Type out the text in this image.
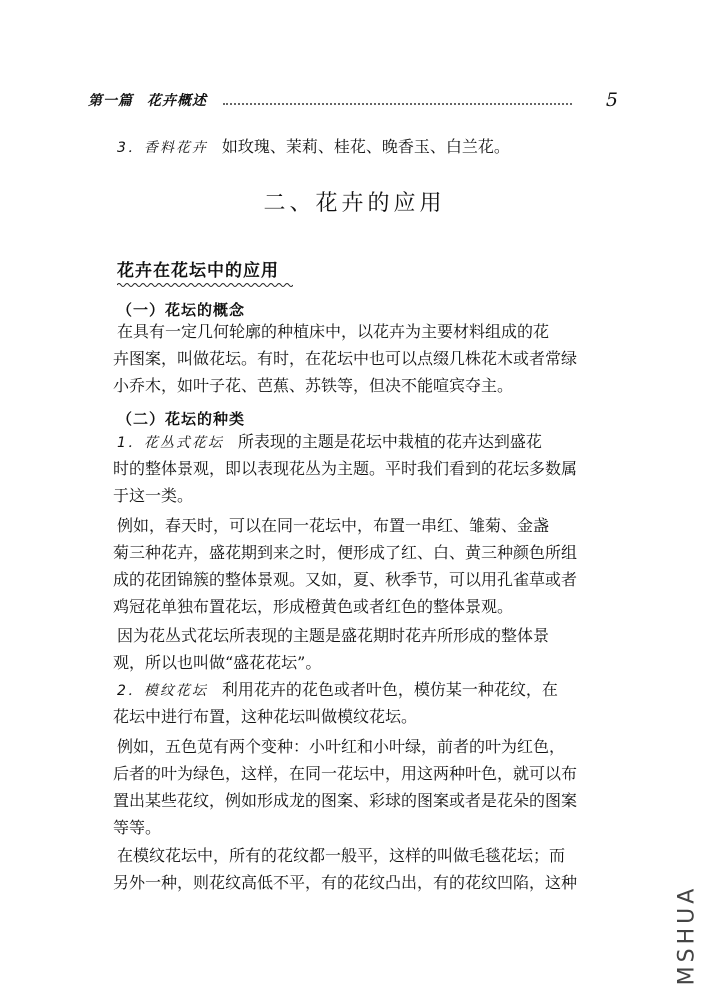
第一篇 花卉概述	5
3．香料花卉 如玫瑰、茉莉、桂花、晚香玉、白兰花。
二、花卉的应用
花卉在花坛中的应用
（一）花坛的概念
在具有一定几何轮廓的种植床中，以花卉为主要材料组成的花
卉图案，叫做花坛。有时，在花坛中也可以点缀几株花木或者常绿
小乔木，如叶子花、芭蕉、苏铁等，但决不能喧宾夺主。
（二）花坛的种类
1．花丛式花坛 所表现的主题是花坛中栽植的花卉达到盛花
时的整体景观，即以表现花丛为主题。平时我们看到的花坛多数属
于这一类。
例如，春天时，可以在同一花坛中，布置一串红、雏菊、金盏
菊三种花卉，盛花期到来之时，便形成了红、白、黄三种颜色所组
成的花团锦簇的整体景观。又如，夏、秋季节，可以用孔雀草或者
鸡冠花单独布置花坛，形成橙黄色或者红色的整体景观。
因为花丛式花坛所表现的主题是盛花期时花卉所形成的整体景
观，所以也叫做“盛花花坛”。
2．模纹花坛 利用花卉的花色或者叶色，模仿某一种花纹，在
花坛中进行布置，这种花坛叫做模纹花坛。
例如，五色苋有两个变种：小叶红和小叶绿，前者的叶为红色，
后者的叶为绿色，这样，在同一花坛中，用这两种叶色，就可以布
置出某些花纹，例如形成龙的图案、彩球的图案或者是花朵的图案
等等。
在模纹花坛中，所有的花纹都一般平，这样的叫做毛毯花坛；而
另外一种，则花纹高低不平，有的花纹凸出，有的花纹凹陷，这种
MSHUA
